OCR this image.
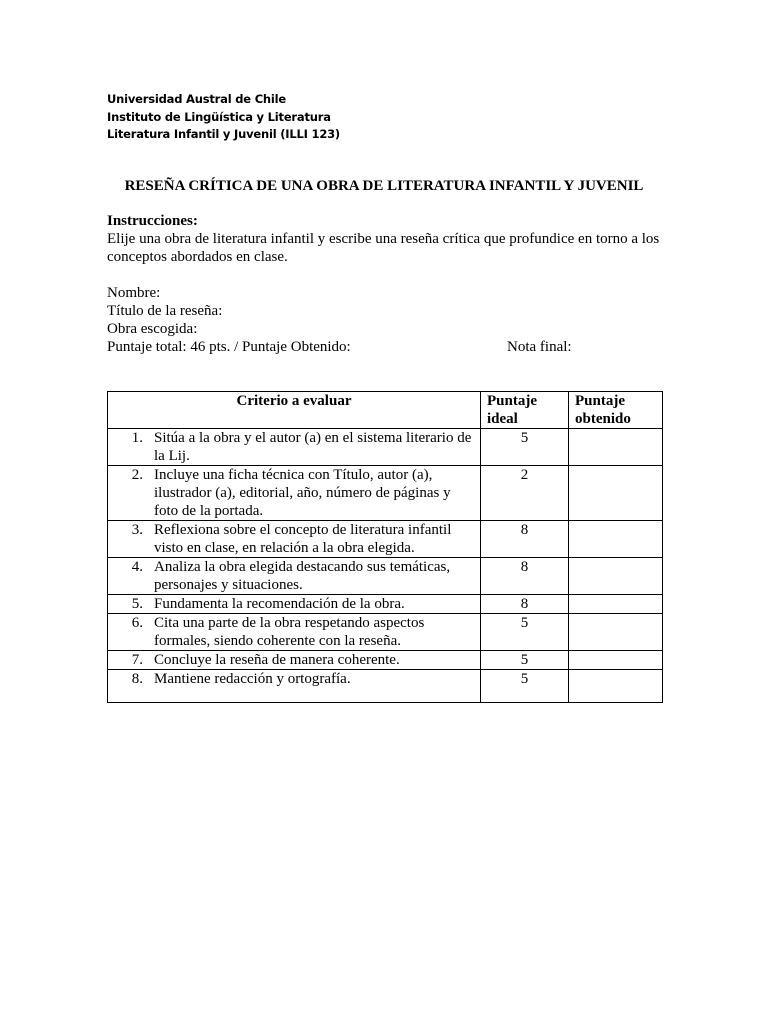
Universidad Austral de Chile
Instituto de Lingüística y Literatura
Literatura Infantil y Juvenil (ILLI 123)
RESEÑA CRÍTICA DE UNA OBRA DE LITERATURA INFANTIL Y JUVENIL
Instrucciones:
Elije una obra de literatura infantil y escribe una reseña crítica que profundice en torno a los conceptos abordados en clase.
Nombre:
Título de la reseña:
Obra escogida:
Puntaje total: 46 pts. / Puntaje Obtenido:	Nota final:
Criterio a evaluar	Puntaje ideal	Puntaje obtenido

1. Sitúa a la obra y el autor (a) en el sistema literario de la Lij.	5	

2. Incluye una ficha técnica con Título, autor (a), ilustrador (a), editorial, año, número de páginas y foto de la portada.	2	

3. Reflexiona sobre el concepto de literatura infantil visto en clase, en relación a la obra elegida.	8	

4. Analiza la obra elegida destacando sus temáticas, personajes y situaciones.	8	

5. Fundamenta la recomendación de la obra.	8	

6. Cita una parte de la obra respetando aspectos formales, siendo coherente con la reseña.	5	

7. Concluye la reseña de manera coherente.	5	

8. Mantiene redacción y ortografía.	5	
